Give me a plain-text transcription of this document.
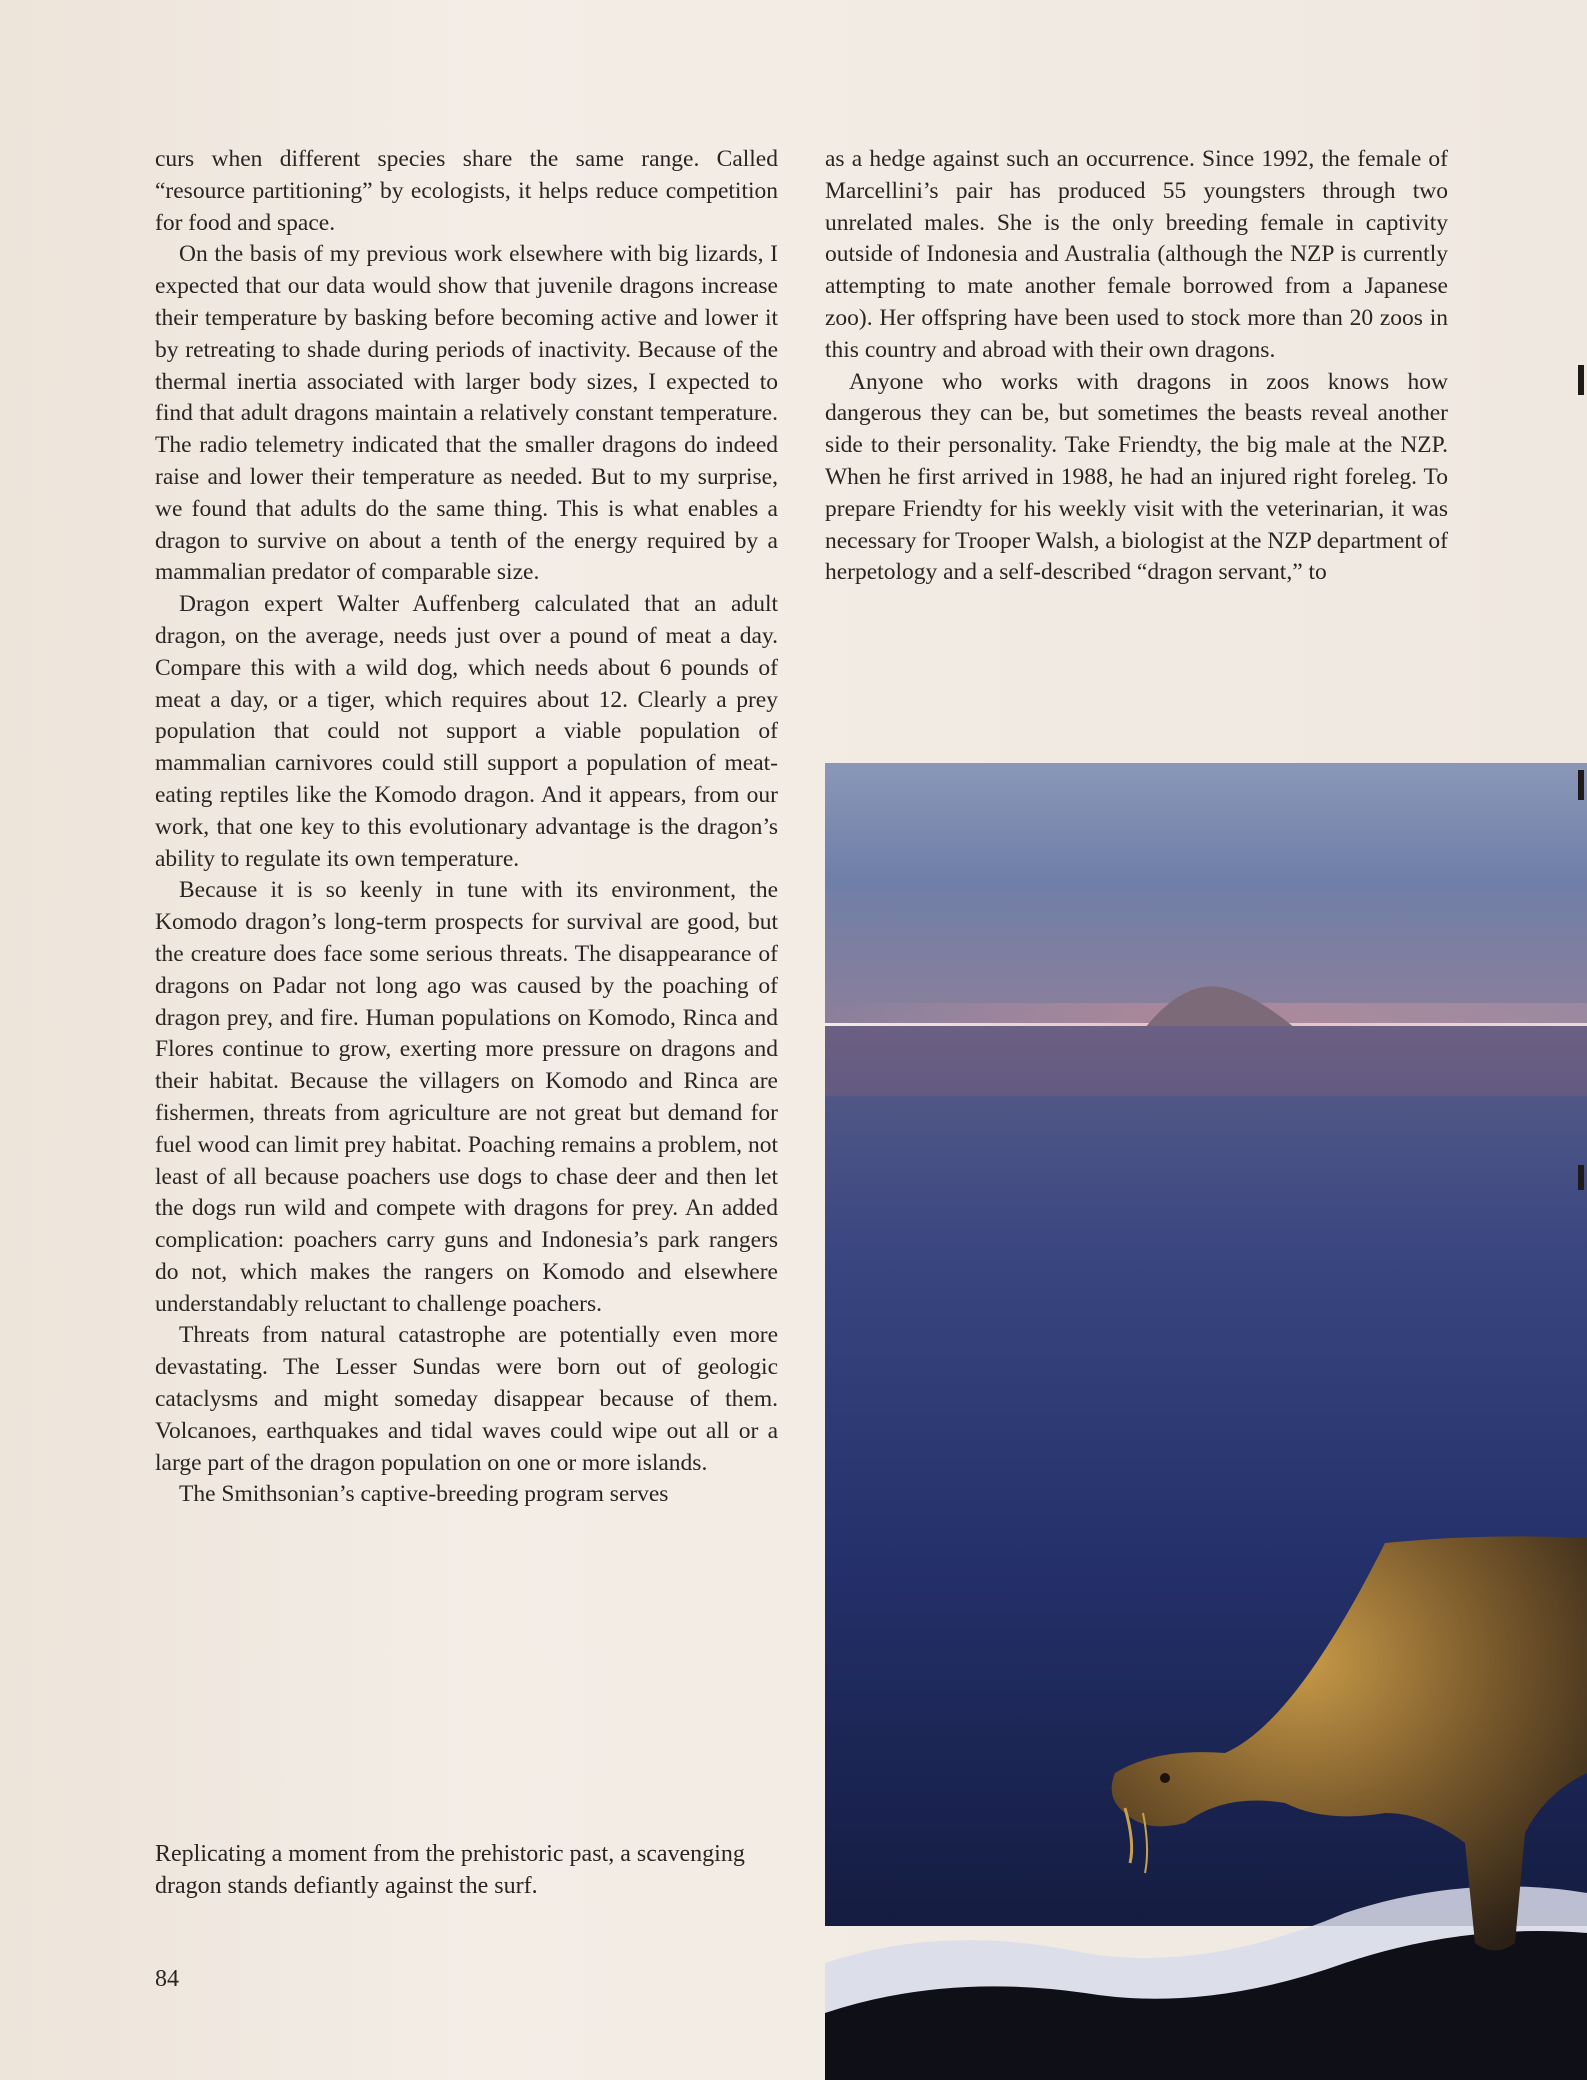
curs when different species share the same range. Called “resource partitioning” by ecologists, it helps reduce competition for food and space.

On the basis of my previous work elsewhere with big lizards, I expected that our data would show that juvenile dragons increase their temperature by basking before becoming active and lower it by retreating to shade during periods of inactivity. Because of the thermal inertia associated with larger body sizes, I expected to find that adult dragons maintain a relatively constant temperature. The radio telemetry indicated that the smaller dragons do indeed raise and lower their temperature as needed. But to my surprise, we found that adults do the same thing. This is what enables a dragon to survive on about a tenth of the energy required by a mammalian predator of comparable size.

Dragon expert Walter Auffenberg calculated that an adult dragon, on the average, needs just over a pound of meat a day. Compare this with a wild dog, which needs about 6 pounds of meat a day, or a tiger, which requires about 12. Clearly a prey population that could not support a viable population of mammalian carnivores could still support a population of meat-eating reptiles like the Komodo dragon. And it appears, from our work, that one key to this evolutionary advantage is the dragon’s ability to regulate its own temperature.

Because it is so keenly in tune with its environment, the Komodo dragon’s long-term prospects for survival are good, but the creature does face some serious threats. The disappearance of dragons on Padar not long ago was caused by the poaching of dragon prey, and fire. Human populations on Komodo, Rinca and Flores continue to grow, exerting more pressure on dragons and their habitat. Because the villagers on Komodo and Rinca are fishermen, threats from agriculture are not great but demand for fuel wood can limit prey habitat. Poaching remains a problem, not least of all because poachers use dogs to chase deer and then let the dogs run wild and compete with dragons for prey. An added complication: poachers carry guns and Indonesia’s park rangers do not, which makes the rangers on Komodo and elsewhere understandably reluctant to challenge poachers.

Threats from natural catastrophe are potentially even more devastating. The Lesser Sundas were born out of geologic cataclysms and might someday disappear because of them. Volcanoes, earthquakes and tidal waves could wipe out all or a large part of the dragon population on one or more islands.

The Smithsonian’s captive-breeding program serves

as a hedge against such an occurrence. Since 1992, the female of Marcellini’s pair has produced 55 youngsters through two unrelated males. She is the only breeding female in captivity outside of Indonesia and Australia (although the NZP is currently attempting to mate another female borrowed from a Japanese zoo). Her offspring have been used to stock more than 20 zoos in this country and abroad with their own dragons.

Anyone who works with dragons in zoos knows how dangerous they can be, but sometimes the beasts reveal another side to their personality. Take Friendty, the big male at the NZP. When he first arrived in 1988, he had an injured right foreleg. To prepare Friendty for his weekly visit with the veterinarian, it was necessary for Trooper Walsh, a biologist at the NZP department of herpetology and a self-described “dragon servant,” to

Replicating a moment from the prehistoric past, a scavenging dragon stands defiantly against the surf.
84
